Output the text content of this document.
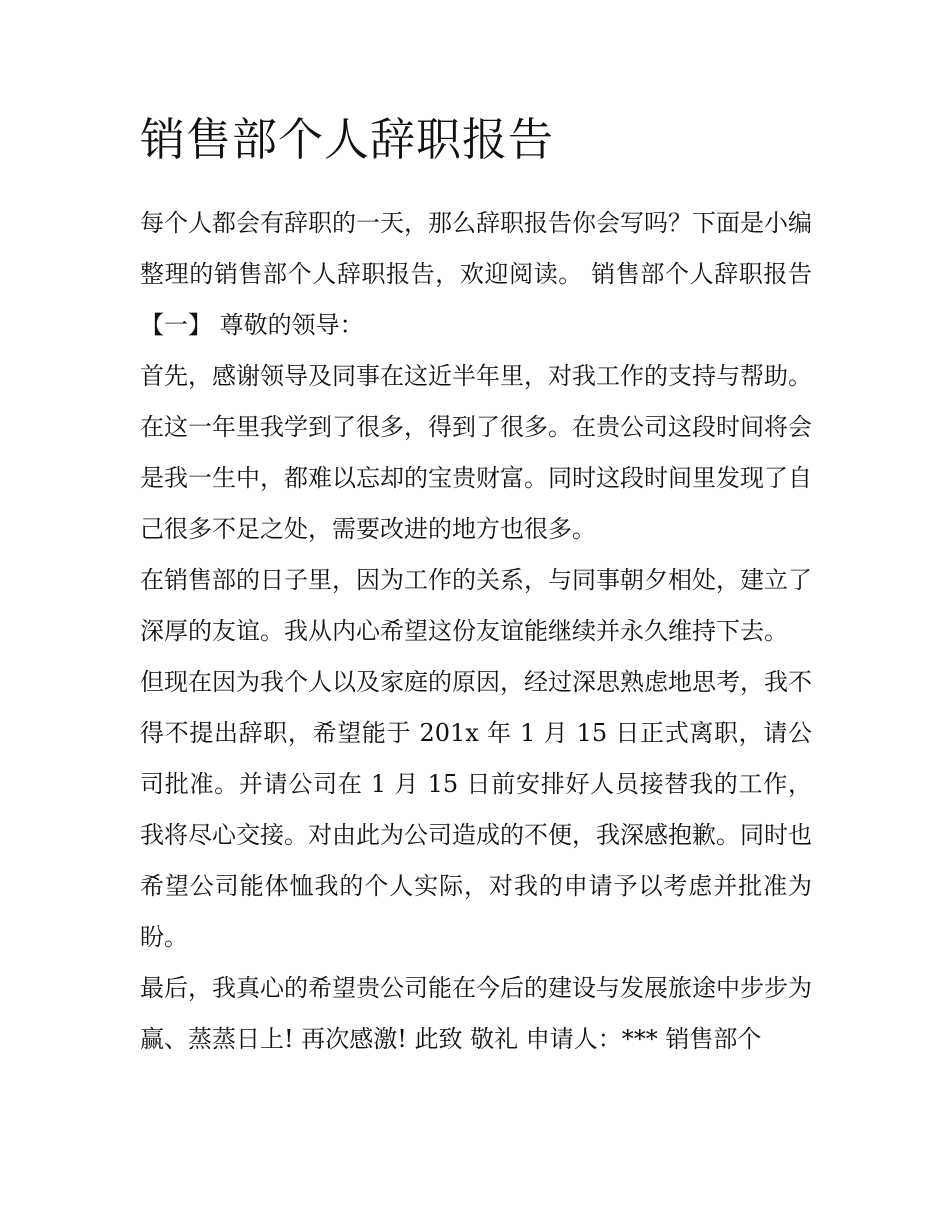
销售部个人辞职报告

每个人都会有辞职的一天，那么辞职报告你会写吗？下面是小编整理的销售部个人辞职报告，欢迎阅读。 销售部个人辞职报告【一】 尊敬的领导：

首先，感谢领导及同事在这近半年里，对我工作的支持与帮助。在这一年里我学到了很多，得到了很多。在贵公司这段时间将会是我一生中，都难以忘却的宝贵财富。同时这段时间里发现了自己很多不足之处，需要改进的地方也很多。

在销售部的日子里，因为工作的关系，与同事朝夕相处，建立了深厚的友谊。我从内心希望这份友谊能继续并永久维持下去。

但现在因为我个人以及家庭的原因，经过深思熟虑地思考，我不得不提出辞职，希望能于 201x 年 1 月 15 日正式离职，请公司批准。并请公司在 1 月 15 日前安排好人员接替我的工作，我将尽心交接。对由此为公司造成的不便，我深感抱歉。同时也希望公司能体恤我的个人实际，对我的申请予以考虑并批准为盼。

最后，我真心的希望贵公司能在今后的建设与发展旅途中步步为赢、蒸蒸日上! 再次感激! 此致 敬礼 申请人：*** 销售部个
